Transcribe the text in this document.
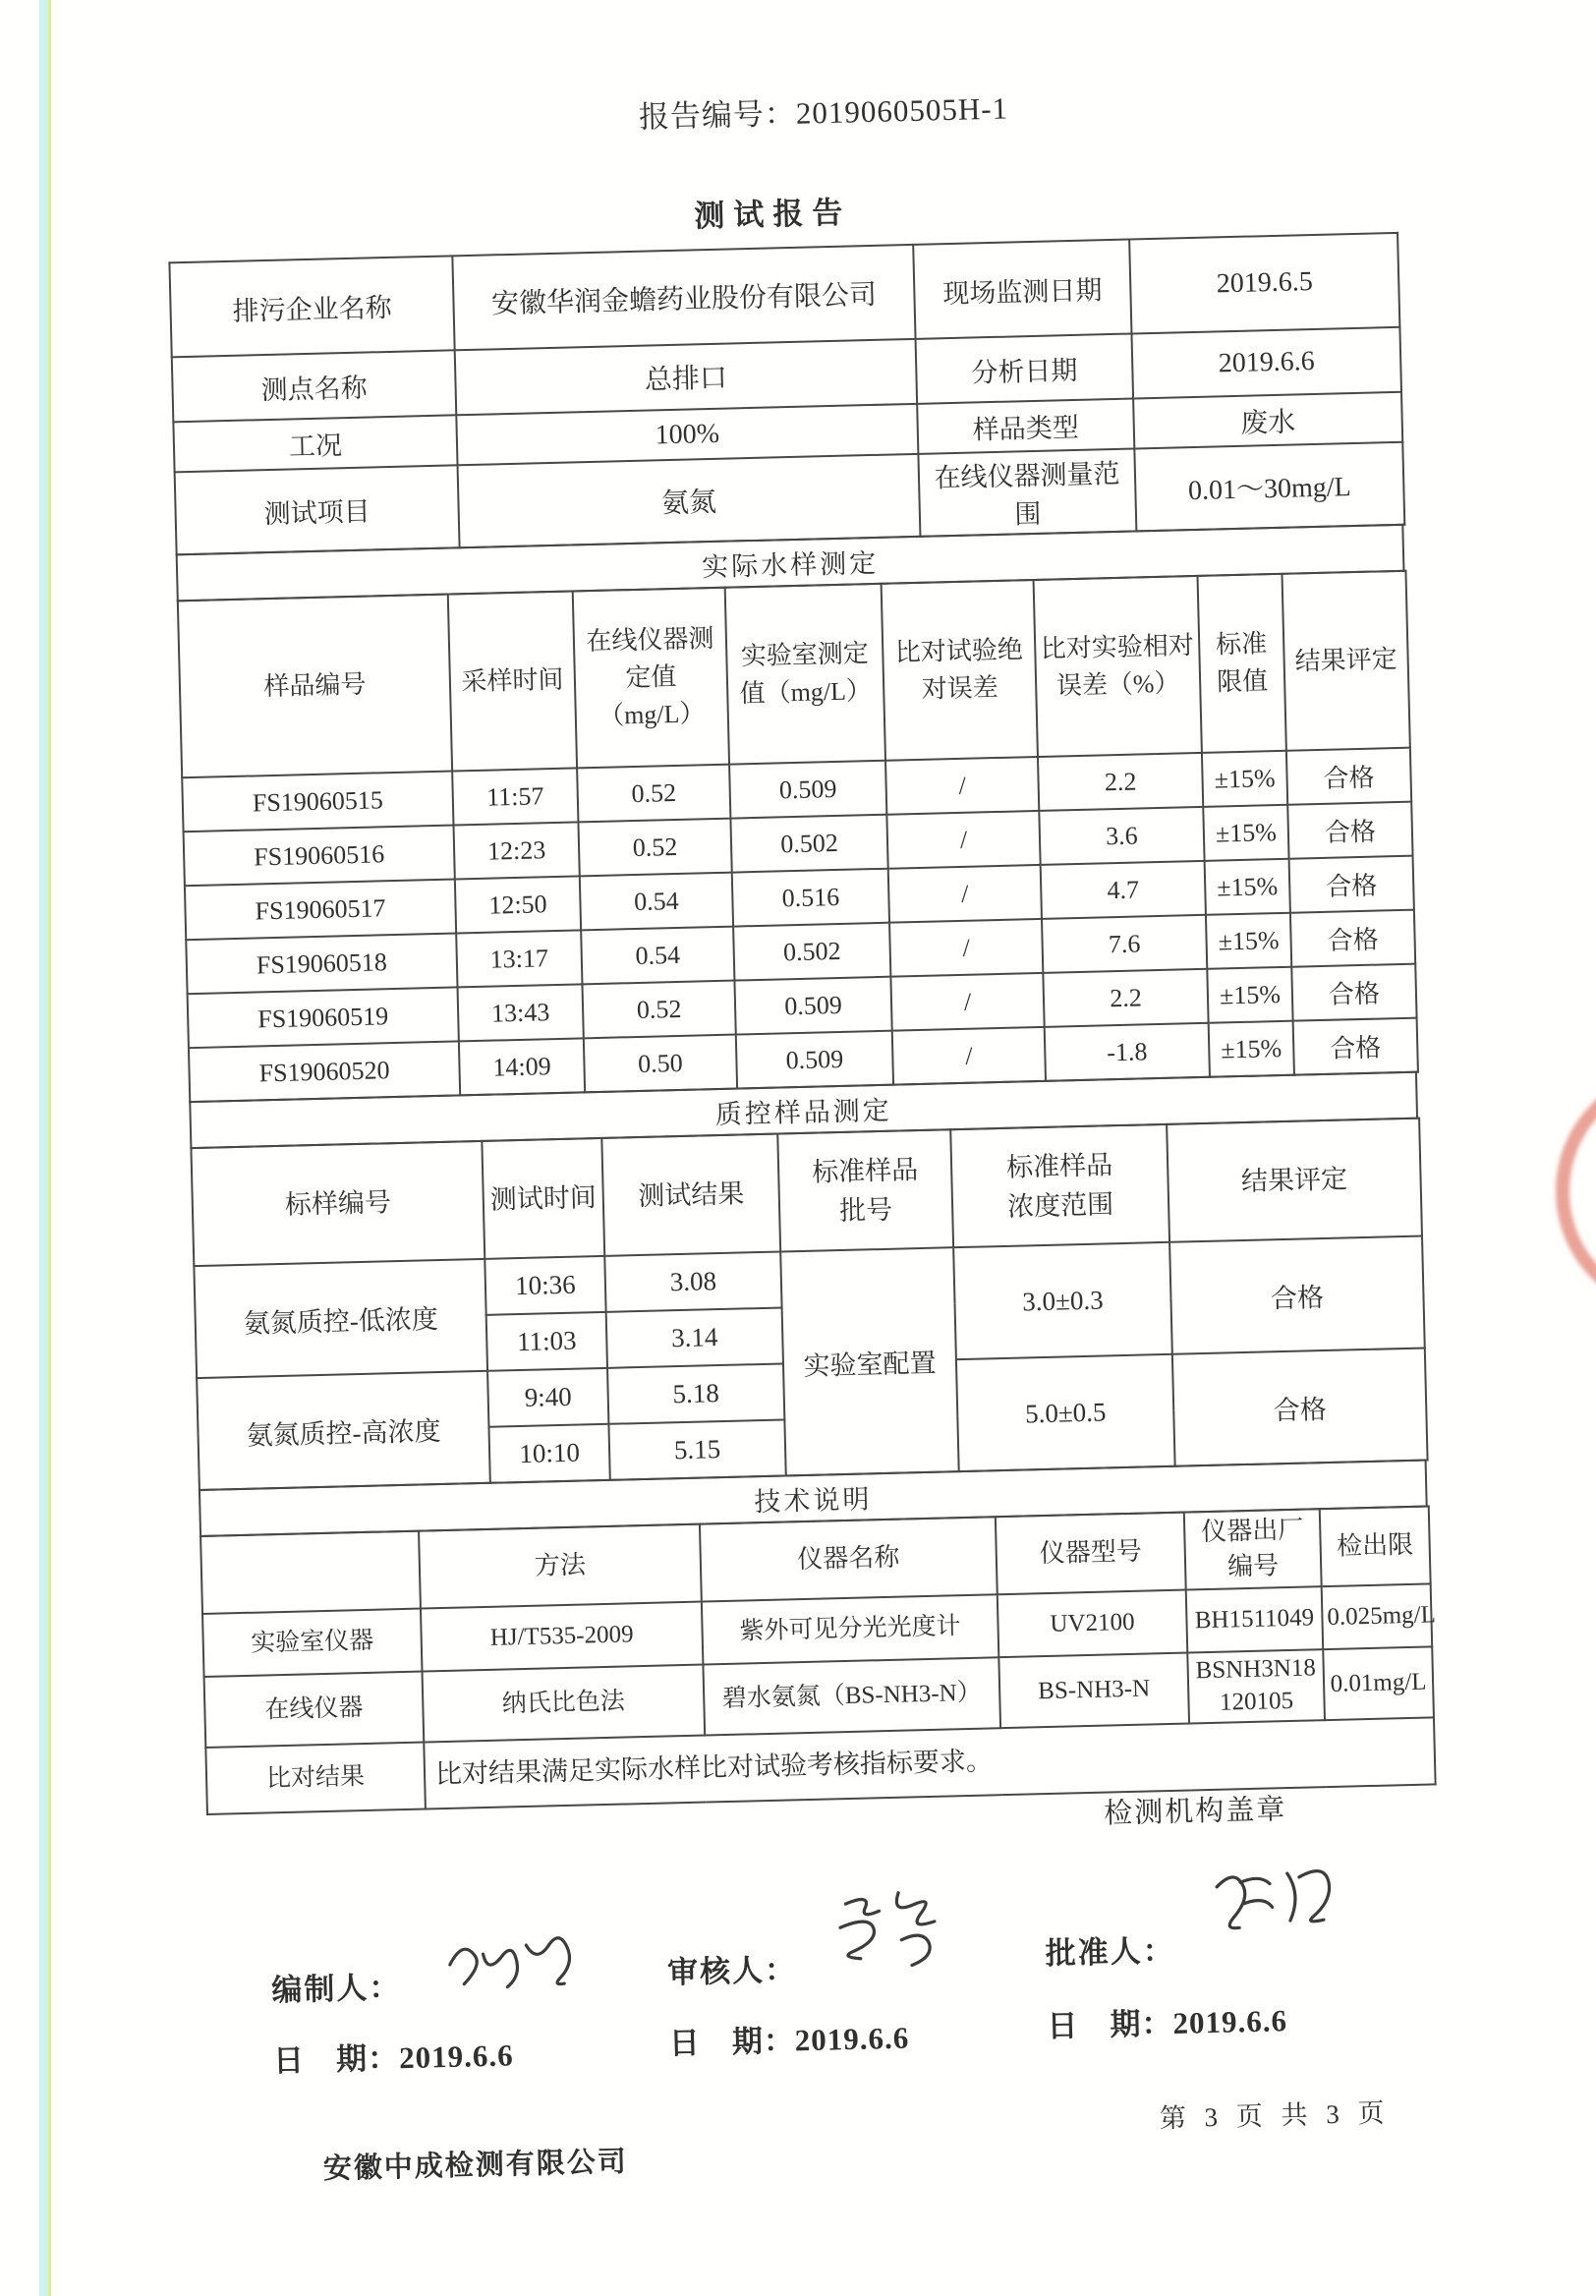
报告编号：2019060505H-1
测试报告
排污企业名称	安徽华润金蟾药业股份有限公司	现场监测日期	2019.6.5
测点名称	总排口	分析日期	2019.6.6
工况	100%	样品类型	废水
测试项目	氨氮	在线仪器测量范围	0.01～30mg/L
实际水样测定
样品编号	采样时间	在线仪器测定值（mg/L）	实验室测定值（mg/L）	比对试验绝对误差	比对实验相对误差（%）	标准限值	结果评定
FS19060515	11:57	0.52	0.509	/	2.2	±15%	合格
FS19060516	12:23	0.52	0.502	/	3.6	±15%	合格
FS19060517	12:50	0.54	0.516	/	4.7	±15%	合格
FS19060518	13:17	0.54	0.502	/	7.6	±15%	合格
FS19060519	13:43	0.52	0.509	/	2.2	±15%	合格
FS19060520	14:09	0.50	0.509	/	-1.8	±15%	合格
质控样品测定
标样编号	测试时间	测试结果	标准样品批号	标准样品浓度范围	结果评定
氨氮质控-低浓度	10:36	3.08	实验室配置	3.0±0.3	合格
	11:03	3.14			
氨氮质控-高浓度	9:40	5.18		5.0±0.5	合格
	10:10	5.15			
技术说明
	方法	仪器名称	仪器型号	仪器出厂编号	检出限
实验室仪器	HJ/T535-2009	紫外可见分光光度计	UV2100	BH1511049	0.025mg/L
在线仪器	纳氏比色法	碧水氨氮（BS-NH3-N）	BS-NH3-N	BSNH3N18120105	0.01mg/L
比对结果	比对结果满足实际水样比对试验考核指标要求。				
检测机构盖章
编制人：	审核人：
批准人：
日　期：2019.6.6	日　期：2019.6.6	日　期：2019.6.6
安徽中成检测有限公司
第 3 页 共 3 页
